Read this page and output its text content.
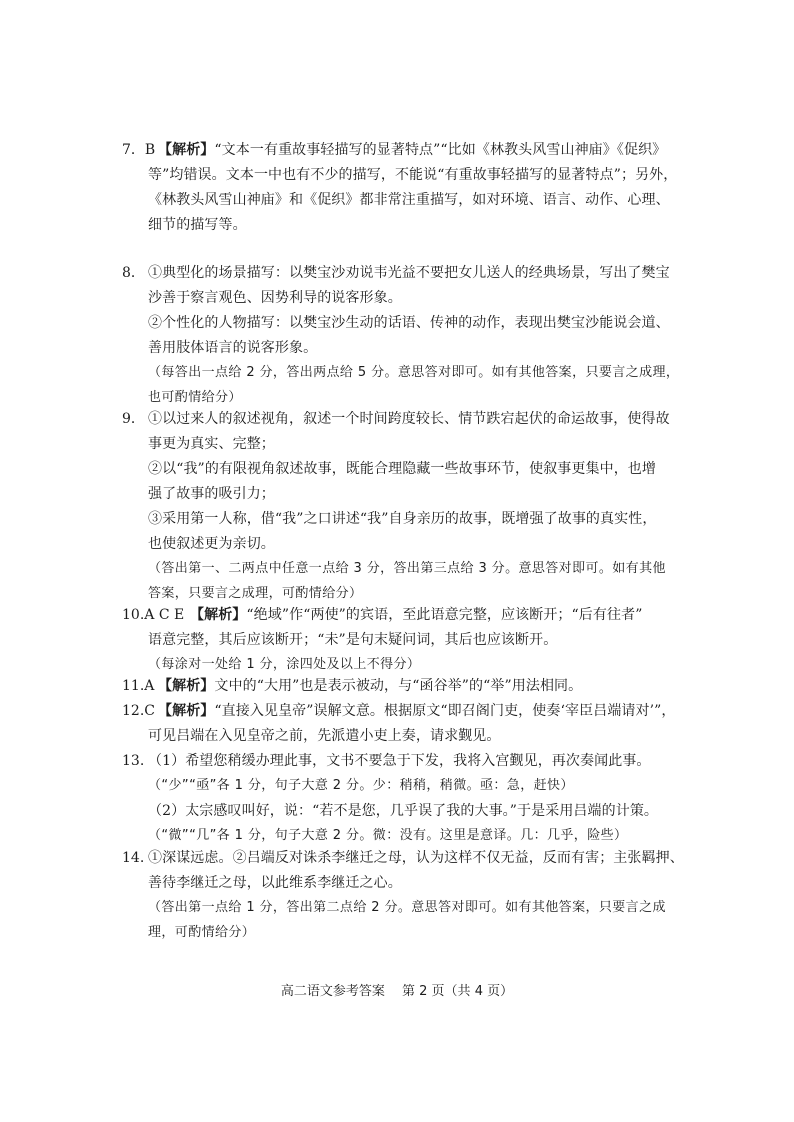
7．B 【解析】“文本一有重故事轻描写的显著特点”“比如《林教头风雪山神庙》《促织》
等”均错误。文本一中也有不少的描写，不能说“有重故事轻描写的显著特点”；另外，
《林教头风雪山神庙》和《促织》都非常注重描写，如对环境、语言、动作、心理、
细节的描写等。
8． ①典型化的场景描写：以樊宝沙劝说韦光益不要把女儿送人的经典场景，写出了樊宝
沙善于察言观色、因势利导的说客形象。
②个性化的人物描写：以樊宝沙生动的话语、传神的动作，表现出樊宝沙能说会道、
善用肢体语言的说客形象。
（每答出一点给 2 分，答出两点给 5 分。意思答对即可。如有其他答案，只要言之成理，
也可酌情给分）
9． ①以过来人的叙述视角，叙述一个时间跨度较长、情节跌宕起伏的命运故事，使得故
事更为真实、完整；
②以“我”的有限视角叙述故事，既能合理隐藏一些故事环节，使叙事更集中，也增
强了故事的吸引力；
③采用第一人称，借“我”之口讲述“我”自身亲历的故事，既增强了故事的真实性，
也使叙述更为亲切。
（答出第一、二两点中任意一点给 3 分，答出第三点给 3 分。意思答对即可。如有其他
答案，只要言之成理，可酌情给分）
10.A C E 【解析】“绝域”作“两使”的宾语，至此语意完整，应该断开；“后有往者”
语意完整，其后应该断开；“未”是句末疑问词，其后也应该断开。
（每涂对一处给 1 分，涂四处及以上不得分）
11.A 【解析】文中的“大用”也是表示被动，与“函谷举”的“举”用法相同。
12.C 【解析】“直接入见皇帝”误解文意。根据原文“即召阁门吏，使奏‘宰臣吕端请对’”，
可见吕端在入见皇帝之前，先派遣小吏上奏，请求觐见。
13. （1）希望您稍缓办理此事，文书不要急于下发，我将入宫觐见，再次奏闻此事。
（“少”“亟”各 1 分，句子大意 2 分。少：稍稍，稍微。亟：急，赶快）
（2）太宗感叹叫好，说：“若不是您，几乎误了我的大事。”于是采用吕端的计策。
（“微”“几”各 1 分，句子大意 2 分。微：没有。这里是意译。几：几乎，险些）
14. ①深谋远虑。②吕端反对诛杀李继迁之母，认为这样不仅无益，反而有害；主张羁押、
善待李继迁之母，以此维系李继迁之心。
（答出第一点给 1 分，答出第二点给 2 分。意思答对即可。如有其他答案，只要言之成
理，可酌情给分）
高二语文参考答案　 第 2 页（共 4 页）
